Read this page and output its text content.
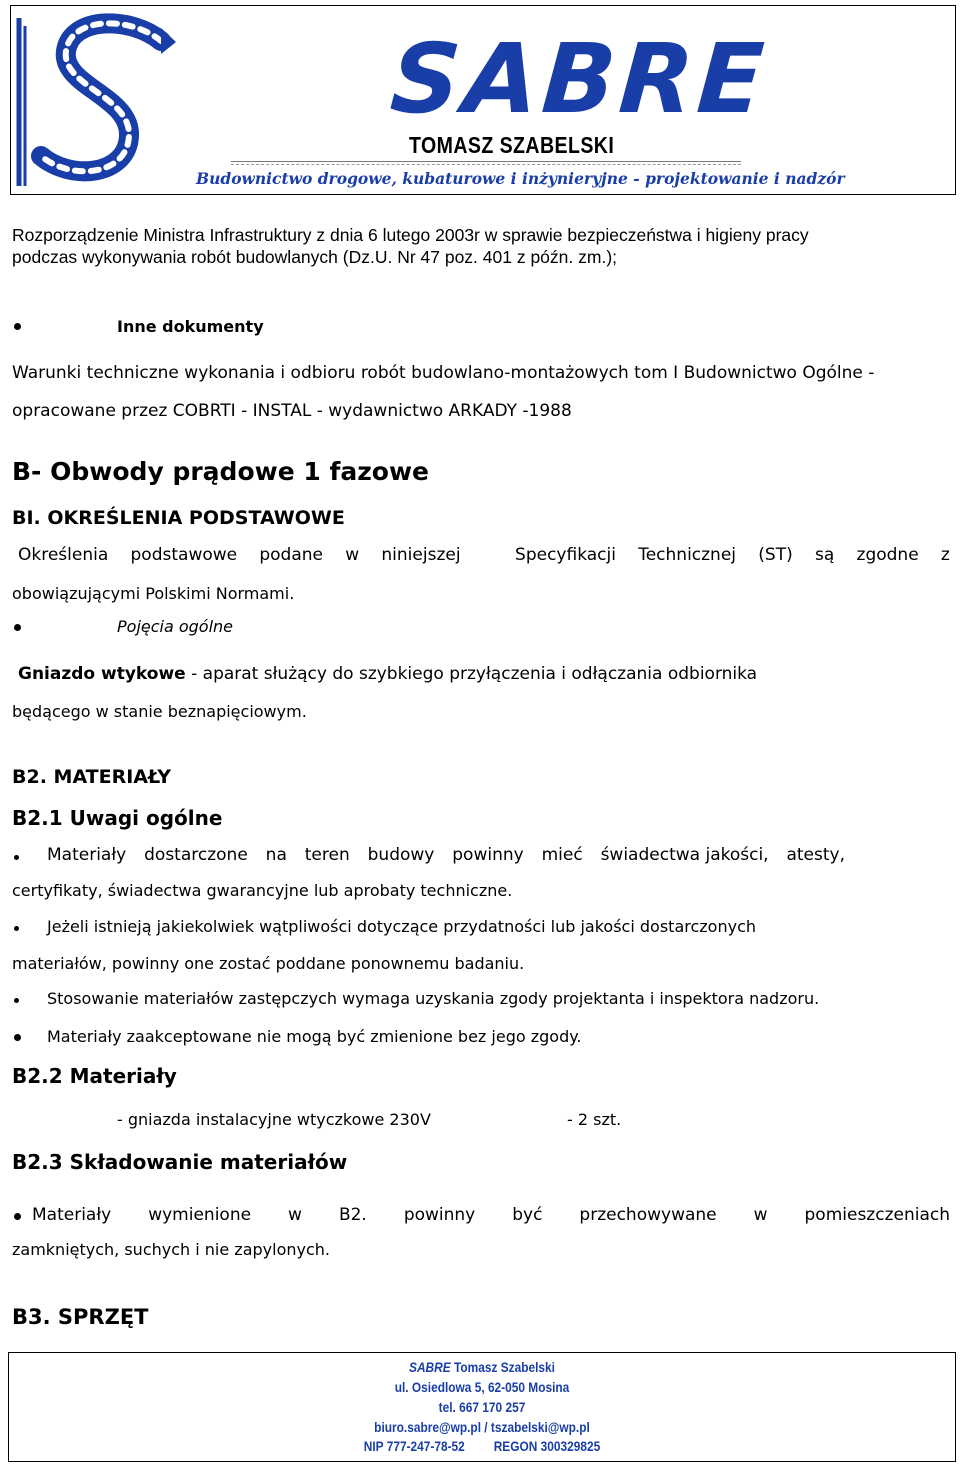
SABRE
TOMASZ SZABELSKI
Budownictwo drogowe, kubaturowe i inżynieryjne - projektowanie i nadzór
Rozporządzenie Ministra Infrastruktury z dnia 6 lutego 2003r w sprawie bezpieczeństwa i higieny pracy
podczas wykonywania robót budowlanych (Dz.U. Nr 47 poz. 401 z późn. zm.);
Inne dokumenty
Warunki techniczne wykonania i odbioru robót budowlano-montażowych tom I Budownictwo Ogólne -
opracowane przez COBRTI - INSTAL - wydawnictwo ARKADY -1988
B- Obwody prądowe 1 fazowe
BI. OKREŚLENIA PODSTAWOWE
Określenia podstawowe podane w niniejszej	Specyfikacji Technicznej (ST) są zgodne z
obowiązującymi Polskimi Normami.
Pojęcia ogólne
Gniazdo wtykowe - aparat służący do szybkiego przyłączenia i odłączania odbiornika
będącego w stanie beznapięciowym.
B2. MATERIAŁY
B2.1 Uwagi ogólne
Materiały dostarczone na teren budowy powinny mieć świadectwa jakości, atesty,
certyfikaty, świadectwa gwarancyjne lub aprobaty techniczne.
Jeżeli istnieją jakiekolwiek wątpliwości dotyczące przydatności lub jakości dostarczonych
materiałów, powinny one zostać poddane ponownemu badaniu.
Stosowanie materiałów zastępczych wymaga uzyskania zgody projektanta i inspektora nadzoru.
Materiały zaakceptowane nie mogą być zmienione bez jego zgody.
B2.2 Materiały
- gniazda instalacyjne wtyczkowe 230V	- 2 szt.
B2.3 Składowanie materiałów
Materiały wymienione w B2. powinny być przechowywane w pomieszczeniach
zamkniętych, suchych i nie zapylonych.
B3. SPRZĘT
SABRE Tomasz Szabelski
ul. Osiedlowa 5, 62-050 Mosina
tel. 667 170 257
biuro.sabre@wp.pl / tszabelski@wp.pl
NIP 777-247-78-52 REGON 300329825
